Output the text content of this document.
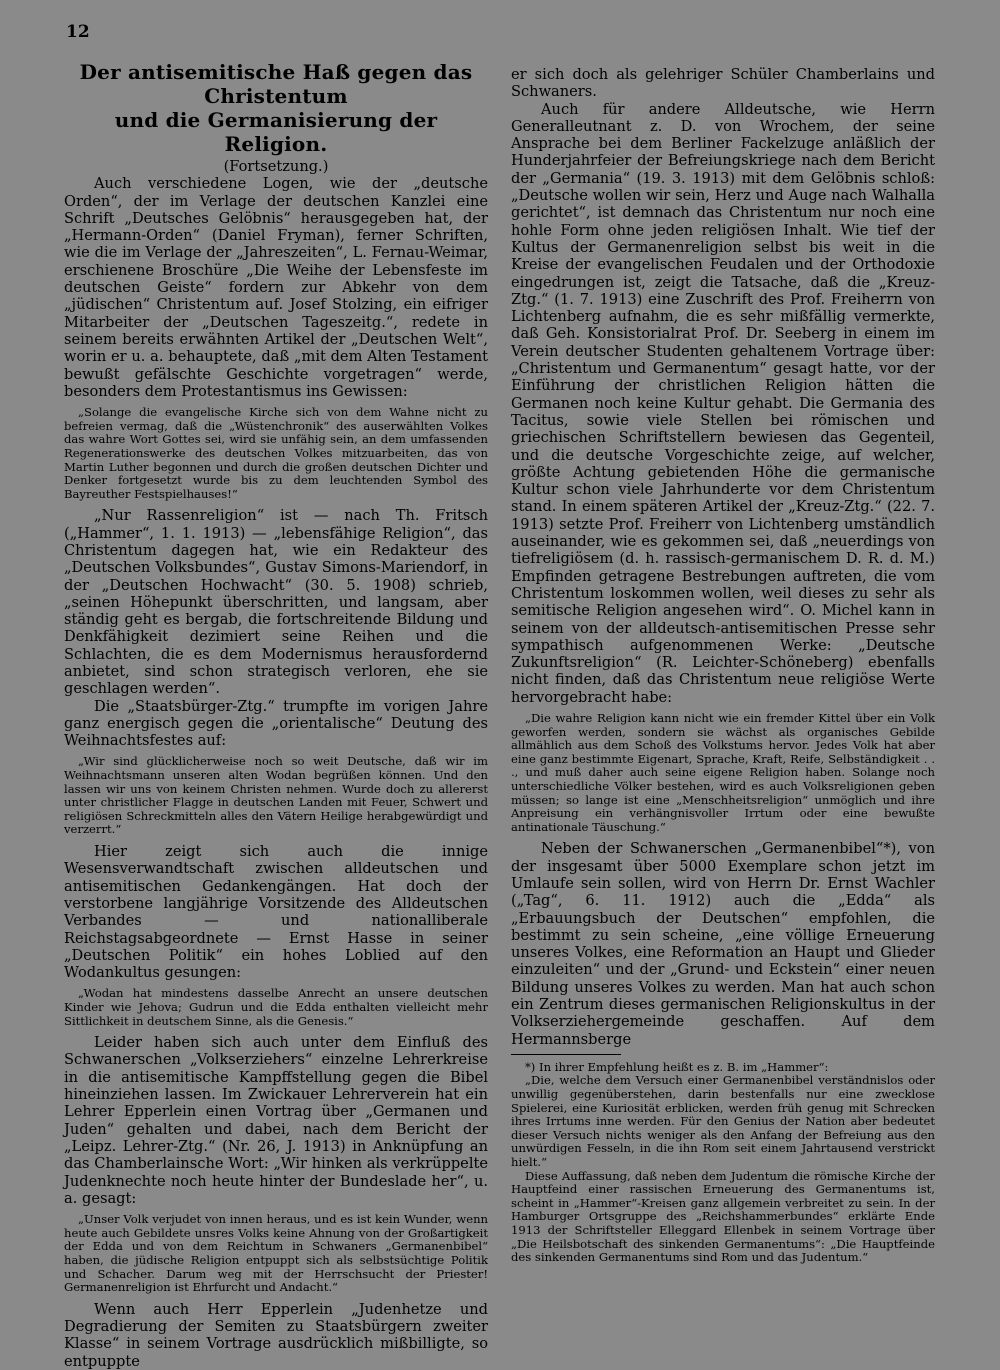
12
Der antisemitische Haß gegen das Christentum
und die Germanisierung der Religion.
(Fortsetzung.)

Auch verschiedene Logen, wie der „deutsche Orden“, der im Verlage der deutschen Kanzlei eine Schrift „Deutsches Gelöbnis“ herausgegeben hat, der „Hermann-Orden“ (Daniel Fryman), ferner Schriften, wie die im Verlage der „Jahreszeiten“, L. Fernau-Weimar, erschienene Broschüre „Die Weihe der Lebensfeste im deutschen Geiste“ fordern zur Abkehr von dem „jüdischen“ Christentum auf. Josef Stolzing, ein eifriger Mitarbeiter der „Deutschen Tageszeitg.“, redete in seinem bereits erwähnten Artikel der „Deutschen Welt“, worin er u. a. behauptete, daß „mit dem Alten Testament bewußt gefälschte Geschichte vorgetragen“ werde, besonders dem Protestantismus ins Gewissen:

„Solange die evangelische Kirche sich von dem Wahne nicht zu befreien vermag, daß die „Wüstenchronik“ des auserwählten Volkes das wahre Wort Gottes sei, wird sie unfähig sein, an dem umfassenden Regenerationswerke des deutschen Volkes mitzuarbeiten, das von Martin Luther begonnen und durch die großen deutschen Dichter und Denker fortgesetzt wurde bis zu dem leuchtenden Symbol des Bayreuther Festspielhauses!“

„Nur Rassenreligion“ ist — nach Th. Fritsch („Hammer“, 1. 1. 1913) — „lebensfähige Religion“, das Christentum dagegen hat, wie ein Redakteur des „Deutschen Volksbundes“, Gustav Simons-Mariendorf, in der „Deutschen Hochwacht“ (30. 5. 1908) schrieb, „seinen Höhepunkt überschritten, und langsam, aber ständig geht es bergab, die fortschreitende Bildung und Denkfähigkeit dezimiert seine Reihen und die Schlachten, die es dem Modernismus herausfordernd anbietet, sind schon strategisch verloren, ehe sie geschlagen werden“.

Die „Staatsbürger-Ztg.“ trumpfte im vorigen Jahre ganz energisch gegen die „orientalische“ Deutung des Weihnachtsfestes auf:

„Wir sind glücklicherweise noch so weit Deutsche, daß wir im Weihnachtsmann unseren alten Wodan begrüßen können. Und den lassen wir uns von keinem Christen nehmen. Wurde doch zu allererst unter christlicher Flagge in deutschen Landen mit Feuer, Schwert und religiösen Schreckmitteln alles den Vätern Heilige herabgewürdigt und verzerrt.“

Hier zeigt sich auch die innige Wesensverwandtschaft zwischen alldeutschen und antisemitischen Gedankengängen. Hat doch der verstorbene langjährige Vorsitzende des Alldeutschen Verbandes — und nationalliberale Reichstagsabgeordnete — Ernst Hasse in seiner „Deutschen Politik“ ein hohes Loblied auf den Wodankultus gesungen:

„Wodan hat mindestens dasselbe Anrecht an unsere deutschen Kinder wie Jehova; Gudrun und die Edda enthalten vielleicht mehr Sittlichkeit in deutschem Sinne, als die Genesis.“

Leider haben sich auch unter dem Einfluß des Schwanerschen „Volkserziehers“ einzelne Lehrerkreise in die antisemitische Kampffstellung gegen die Bibel hineinziehen lassen. Im Zwickauer Lehrerverein hat ein Lehrer Epperlein einen Vortrag über „Germanen und Juden“ gehalten und dabei, nach dem Bericht der „Leipz. Lehrer-Ztg.“ (Nr. 26, J. 1913) in Anknüpfung an das Chamberlainsche Wort: „Wir hinken als verkrüppelte Judenknechte noch heute hinter der Bundeslade her“, u. a. gesagt:

„Unser Volk verjudet von innen heraus, und es ist kein Wunder, wenn heute auch Gebildete unsres Volks keine Ahnung von der Großartigkeit der Edda und von dem Reichtum in Schwaners „Germanenbibel“ haben, die jüdische Religion entpuppt sich als selbstsüchtige Politik und Schacher. Darum weg mit der Herrschsucht der Priester! Germanenreligion ist Ehrfurcht und Andacht.“

Wenn auch Herr Epperlein „Judenhetze und Degradierung der Semiten zu Staatsbürgern zweiter Klasse“ in seinem Vortrage ausdrücklich mißbilligte, so entpuppte

er sich doch als gelehriger Schüler Chamberlains und Schwaners.

Auch für andere Alldeutsche, wie Herrn Generalleutnant z. D. von Wrochem, der seine Ansprache bei dem Berliner Fackelzuge anläßlich der Hunderjahrfeier der Befreiungskriege nach dem Bericht der „Germania“ (19. 3. 1913) mit dem Gelöbnis schloß: „Deutsche wollen wir sein, Herz und Auge nach Walhalla gerichtet“, ist demnach das Christentum nur noch eine hohle Form ohne jeden religiösen Inhalt. Wie tief der Kultus der Germanenreligion selbst bis weit in die Kreise der evangelischen Feudalen und der Orthodoxie eingedrungen ist, zeigt die Tatsache, daß die „Kreuz-Ztg.“ (1. 7. 1913) eine Zuschrift des Prof. Freiherrn von Lichtenberg aufnahm, die es sehr mißfällig vermerkte, daß Geh. Konsistorialrat Prof. Dr. Seeberg in einem im Verein deutscher Studenten gehaltenem Vortrage über: „Christentum und Germanentum“ gesagt hatte, vor der Einführung der christlichen Religion hätten die Germanen noch keine Kultur gehabt. Die Germania des Tacitus, sowie viele Stellen bei römischen und griechischen Schriftstellern bewiesen das Gegenteil, und die deutsche Vorgeschichte zeige, auf welcher, größte Achtung gebietenden Höhe die germanische Kultur schon viele Jahrhunderte vor dem Christentum stand. In einem späteren Artikel der „Kreuz-Ztg.“ (22. 7. 1913) setzte Prof. Freiherr von Lichtenberg umständlich auseinander, wie es gekommen sei, daß „neuerdings von tiefreligiösem (d. h. rassisch-germanischem D. R. d. M.) Empfinden getragene Bestrebungen auftreten, die vom Christentum loskommen wollen, weil dieses zu sehr als semitische Religion angesehen wird“. O. Michel kann in seinem von der alldeutsch-antisemitischen Presse sehr sympathisch aufgenommenen Werke: „Deutsche Zukunftsreligion“ (R. Leichter-Schöneberg) ebenfalls nicht finden, daß das Christentum neue religiöse Werte hervorgebracht habe:

„Die wahre Religion kann nicht wie ein fremder Kittel über ein Volk geworfen werden, sondern sie wächst als organisches Gebilde allmählich aus dem Schoß des Volkstums hervor. Jedes Volk hat aber eine ganz bestimmte Eigenart, Sprache, Kraft, Reife, Selbständigkeit . . ., und muß daher auch seine eigene Religion haben. Solange noch unterschiedliche Völker bestehen, wird es auch Volksreligionen geben müssen; so lange ist eine „Menschheitsreligion“ unmöglich und ihre Anpreisung ein verhängnisvoller Irrtum oder eine bewußte antinationale Täuschung.“

Neben der Schwanerschen „Germanenbibel“*), von der insgesamt über 5000 Exemplare schon jetzt im Umlaufe sein sollen, wird von Herrn Dr. Ernst Wachler („Tag“, 6. 11. 1912) auch die „Edda“ als „Erbauungsbuch der Deutschen“ empfohlen, die bestimmt zu sein scheine, „eine völlige Erneuerung unseres Volkes, eine Reformation an Haupt und Glieder einzuleiten“ und der „Grund- und Eckstein“ einer neuen Bildung unseres Volkes zu werden. Man hat auch schon ein Zentrum dieses germanischen Religionskultus in der Volkserziehergemeinde geschaffen. Auf dem Hermannsberge

*) In ihrer Empfehlung heißt es z. B. im „Hammer“:

„Die, welche dem Versuch einer Germanenbibel verständnislos oder unwillig gegenüberstehen, darin bestenfalls nur eine zwecklose Spielerei, eine Kuriosität erblicken, werden früh genug mit Schrecken ihres Irrtums inne werden. Für den Genius der Nation aber bedeutet dieser Versuch nichts weniger als den Anfang der Befreiung aus den unwürdigen Fesseln, in die ihn Rom seit einem Jahrtausend verstrickt hielt.“

Diese Auffassung, daß neben dem Judentum die römische Kirche der Hauptfeind einer rassischen Erneuerung des Germanentums ist, scheint in „Hammer“-Kreisen ganz allgemein verbreitet zu sein. In der Hamburger Ortsgruppe des „Reichshammerbundes“ erklärte Ende 1913 der Schriftsteller Elleggard Ellenbek in seinem Vortrage über „Die Heilsbotschaft des sinkenden Germanentums“: „Die Hauptfeinde des sinkenden Germanentums sind Rom und das Judentum.“
